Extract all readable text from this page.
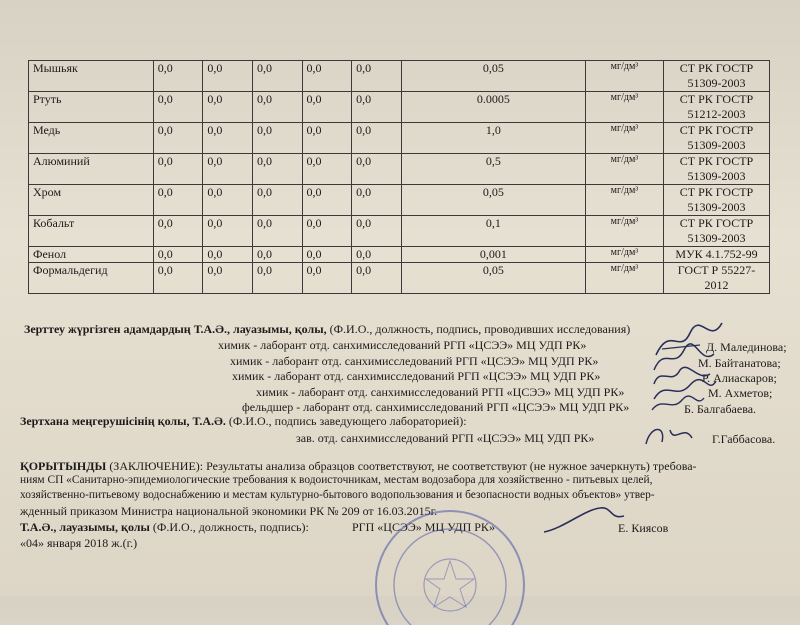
Мышьяк	0,0	0,0	0,0	0,0	0,0	0,05	мг/дм³	СТ РК ГОСТР 51309-2003
Ртуть	0,0	0,0	0,0	0,0	0,0	0.0005	мг/дм³	СТ РК ГОСТР 51212-2003
Медь	0,0	0,0	0,0	0,0	0,0	1,0	мг/дм³	СТ РК ГОСТР 51309-2003
Алюминий	0,0	0,0	0,0	0,0	0,0	0,5	мг/дм³	СТ РК ГОСТР 51309-2003
Хром	0,0	0,0	0,0	0,0	0,0	0,05	мг/дм³	СТ РК ГОСТР 51309-2003
Кобальт	0,0	0,0	0,0	0,0	0,0	0,1	мг/дм³	СТ РК ГОСТР 51309-2003
Фенол	0,0	0,0	0,0	0,0	0,0	0,001	мг/дм³	МУК 4.1.752-99
Формальдегид	0,0	0,0	0,0	0,0	0,0	0,05	мг/дм³	ГОСТ Р 55227-2012
Зерттеу жүргізген адамдардың Т.А.Ә., лауазымы, қолы, (Ф.И.О., должность, подпись, проводивших исследования)
химик - лаборант отд. санхимисследований РГП «ЦСЭЭ» МЦ УДП РК»	Д. Малединова;
химик - лаборант отд. санхимисследований РГП «ЦСЭЭ» МЦ УДП РК»	М. Байтанатова;
химик - лаборант отд. санхимисследований РГП «ЦСЭЭ» МЦ УДП РК»	Р. Алиаскаров;
химик - лаборант отд. санхимисследований РГП «ЦСЭЭ» МЦ УДП РК»	М. Ахметов;
фельдшер - лаборант отд. санхимисследований РГП «ЦСЭЭ» МЦ УДП РК»	Б. Балгабаева.
Зертхана меңгерушісінің қолы, Т.А.Ә. (Ф.И.О., подпись заведующего лабораторией):
зав. отд. санхимисследований РГП «ЦСЭЭ» МЦ УДП РК»	Г.Габбасова.
ҚОРЫТЫНДЫ (ЗАКЛЮЧЕНИЕ): Результаты анализа образцов соответствуют, не соответствуют (не нужное зачеркнуть) требова-
ниям СП «Санитарно-эпидемиологические требования к водоисточникам, местам водозабора для хозяйственно - питьевых целей,
хозяйственно-питьевому водоснабжению и местам культурно-бытового водопользования и безопасности водных объектов» утвер-
жденный приказом Министра национальной экономики РК № 209 от 16.03.2015г.
Т.А.Ә., лауазымы, қолы (Ф.И.О., должность, подпись):	РГП «ЦСЭЭ» МЦ УДП РК»	Е. Киясов
«04» января 2018 ж.(г.)
